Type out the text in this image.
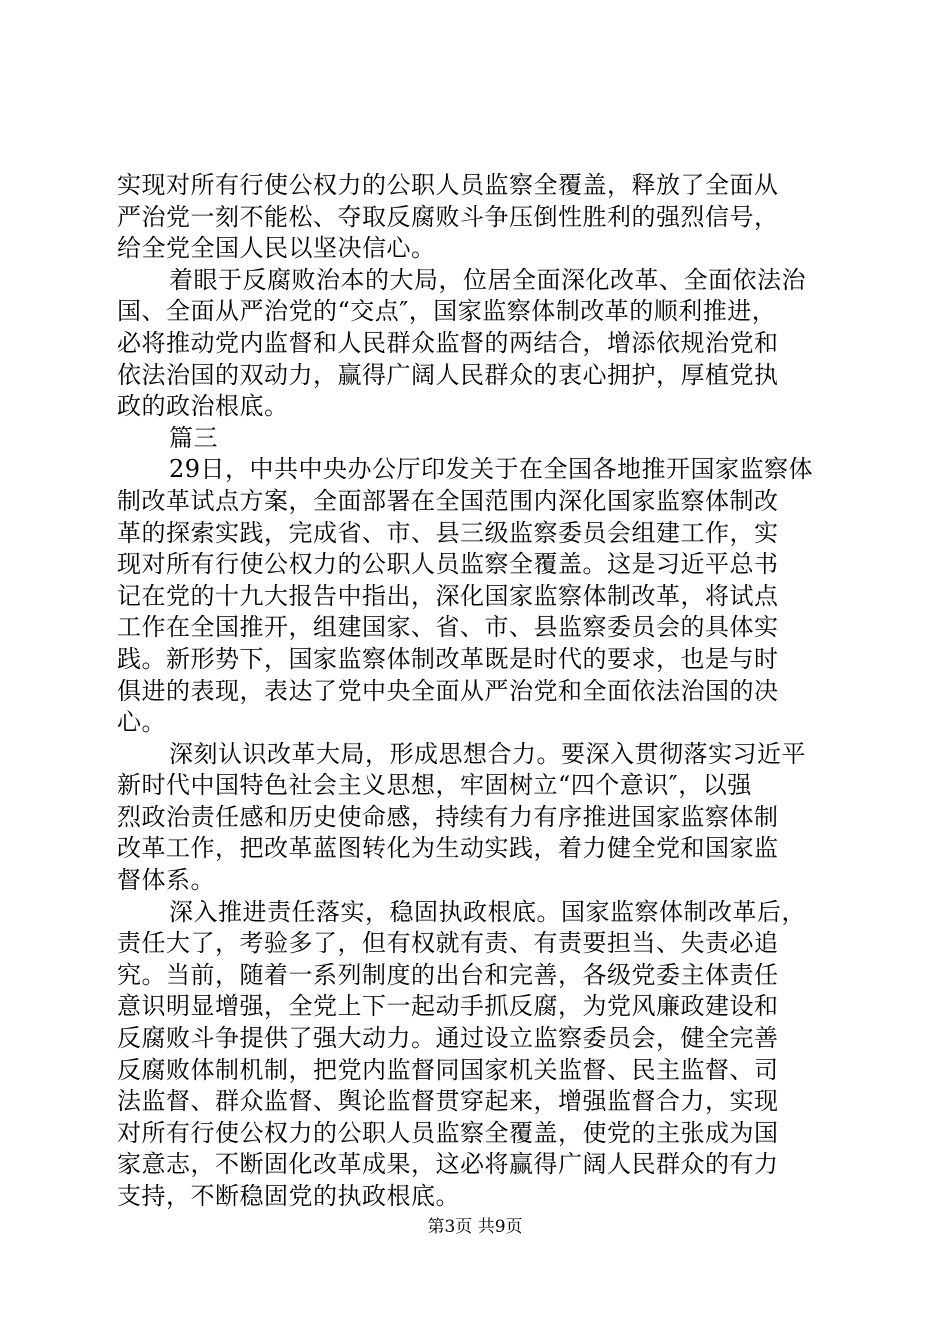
实现对所有行使公权力的公职人员监察全覆盖，释放了全面从
严治党一刻不能松、夺取反腐败斗争压倒性胜利的强烈信号，
给全党全国人民以坚决信心。
着眼于反腐败治本的大局，位居全面深化改革、全面依法治
国、全面从严治党的“交点″，国家监察体制改革的顺利推进，
必将推动党内监督和人民群众监督的两结合，增添依规治党和
依法治国的双动力，赢得广阔人民群众的衷心拥护，厚植党执
政的政治根底。
篇三
29日，中共中央办公厅印发关于在全国各地推开国家监察体
制改革试点方案，全面部署在全国范围内深化国家监察体制改
革的探索实践，完成省、市、县三级监察委员会组建工作，实
现对所有行使公权力的公职人员监察全覆盖。这是习近平总书
记在党的十九大报告中指出，深化国家监察体制改革，将试点
工作在全国推开，组建国家、省、市、县监察委员会的具体实
践。新形势下，国家监察体制改革既是时代的要求，也是与时
俱进的表现，表达了党中央全面从严治党和全面依法治国的决
心。
深刻认识改革大局，形成思想合力。要深入贯彻落实习近平
新时代中国特色社会主义思想，牢固树立“四个意识″，以强
烈政治责任感和历史使命感，持续有力有序推进国家监察体制
改革工作，把改革蓝图转化为生动实践，着力健全党和国家监
督体系。
深入推进责任落实，稳固执政根底。国家监察体制改革后，
责任大了，考验多了，但有权就有责、有责要担当、失责必追
究。当前，随着一系列制度的出台和完善，各级党委主体责任
意识明显增强，全党上下一起动手抓反腐，为党风廉政建设和
反腐败斗争提供了强大动力。通过设立监察委员会，健全完善
反腐败体制机制，把党内监督同国家机关监督、民主监督、司
法监督、群众监督、舆论监督贯穿起来，增强监督合力，实现
对所有行使公权力的公职人员监察全覆盖，使党的主张成为国
家意志，不断固化改革成果，这必将赢得广阔人民群众的有力
支持，不断稳固党的执政根底。
第3页 共9页
